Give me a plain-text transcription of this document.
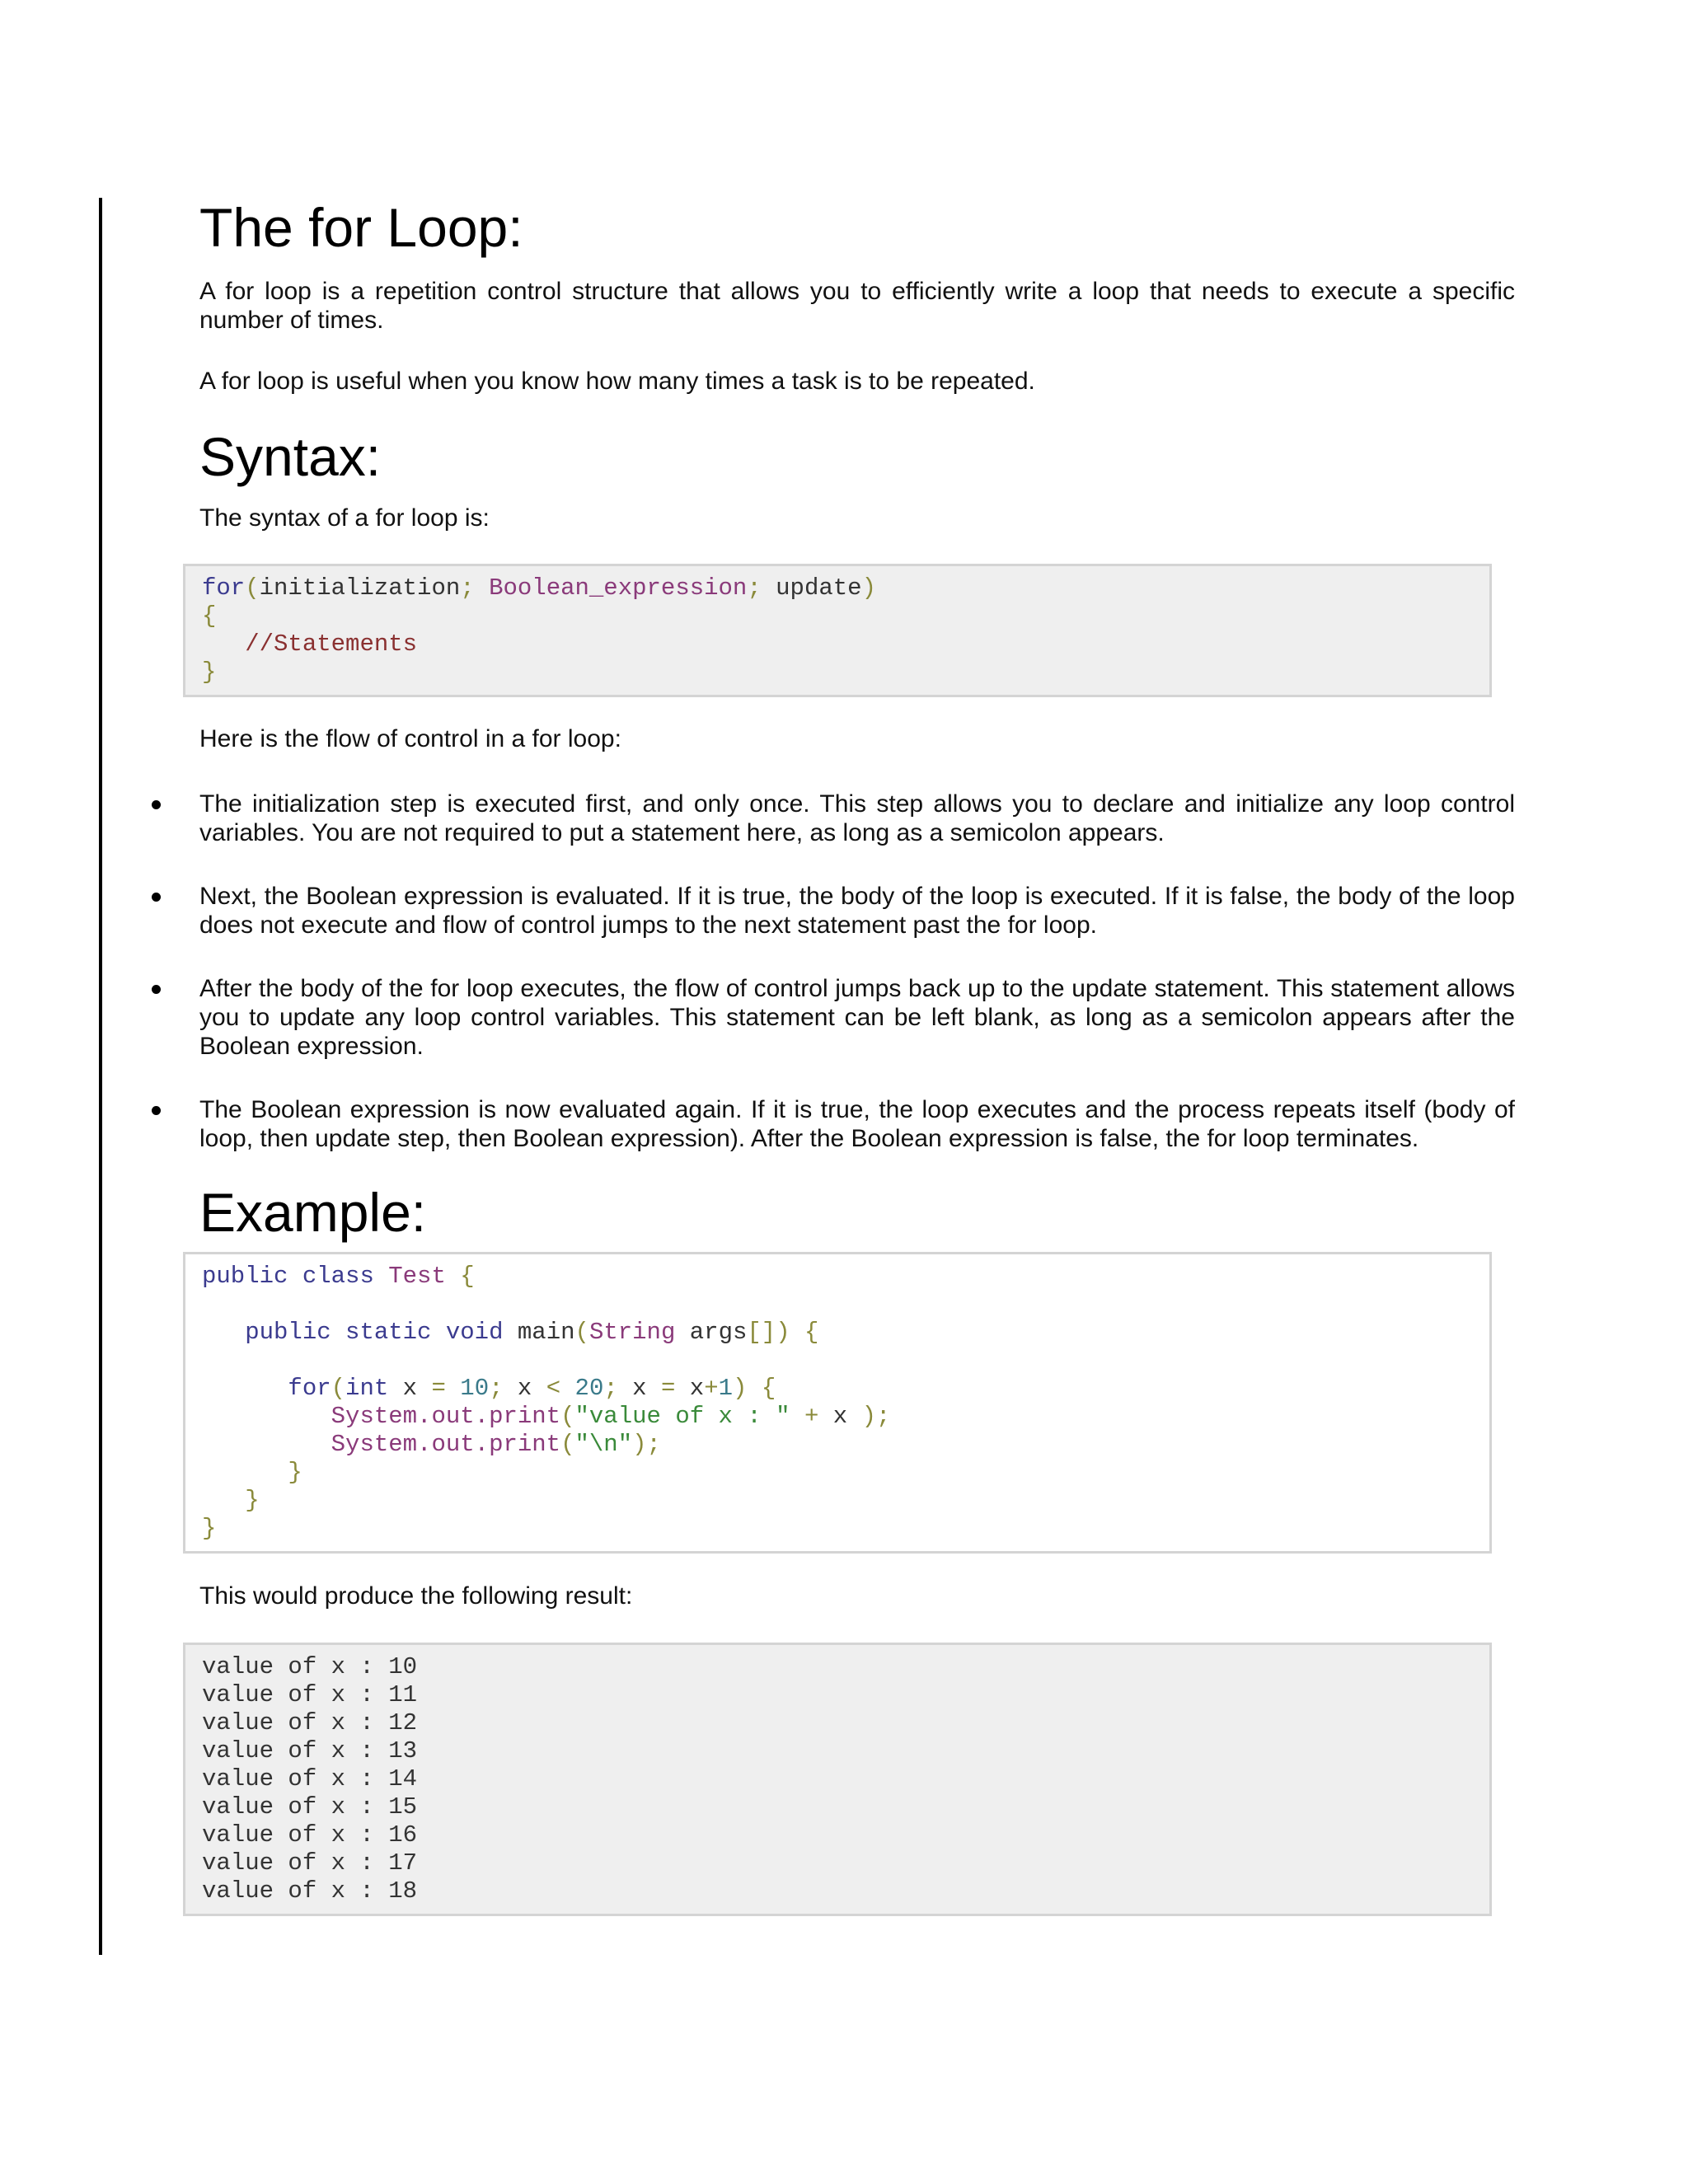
The for Loop:

A for loop is a repetition control structure that allows you to efficiently write a loop that needs to execute a specific number of times.

A for loop is useful when you know how many times a task is to be repeated.

Syntax:

The syntax of a for loop is:

for(initialization; Boolean_expression; update)
{
//Statements
}

Here is the flow of control in a for loop:

The initialization step is executed first, and only once. This step allows you to declare and initialize any loop control variables. You are not required to put a statement here, as long as a semicolon appears.
Next, the Boolean expression is evaluated. If it is true, the body of the loop is executed. If it is false, the body of the loop does not execute and flow of control jumps to the next statement past the for loop.
After the body of the for loop executes, the flow of control jumps back up to the update statement. This statement allows you to update any loop control variables. This statement can be left blank, as long as a semicolon appears after the Boolean expression.
The Boolean expression is now evaluated again. If it is true, the loop executes and the process repeats itself (body of loop, then update step, then Boolean expression). After the Boolean expression is false, the for loop terminates.
Example:
public class Test {

public static void main(String args[]) {

for(int x = 10; x < 20; x = x+1) {
System.out.print("value of x : " + x );
System.out.print("\n");
}
}
}

This would produce the following result:

value of x : 10
value of x : 11
value of x : 12
value of x : 13
value of x : 14
value of x : 15
value of x : 16
value of x : 17
value of x : 18
